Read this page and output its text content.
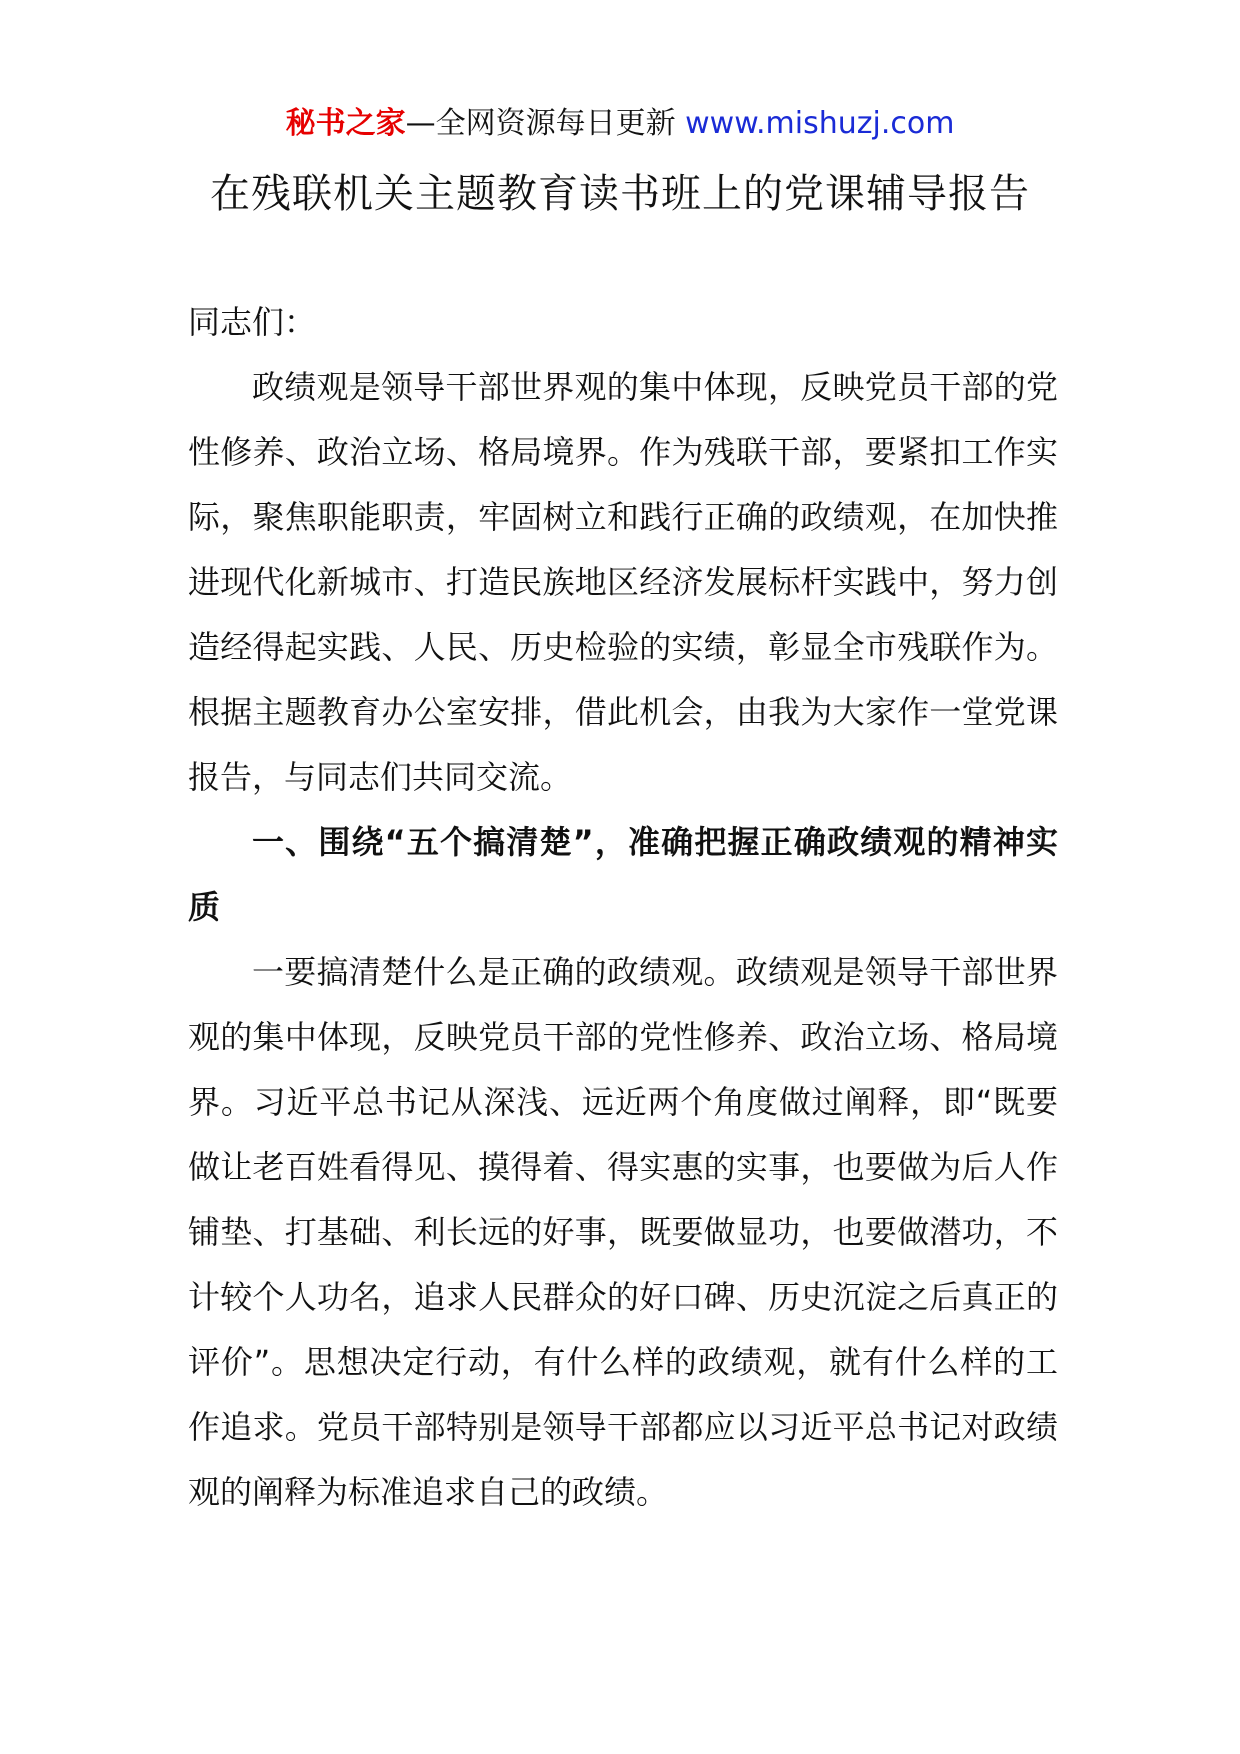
秘书之家—全网资源每日更新 www.mishuzj.com
在残联机关主题教育读书班上的党课辅导报告

同志们：

政绩观是领导干部世界观的集中体现，反映党员干部的党性修养、政治立场、格局境界。作为残联干部，要紧扣工作实际，聚焦职能职责，牢固树立和践行正确的政绩观，在加快推进现代化新城市、打造民族地区经济发展标杆实践中，努力创造经得起实践、人民、历史检验的实绩，彰显全市残联作为。根据主题教育办公室安排，借此机会，由我为大家作一堂党课报告，与同志们共同交流。

一、围绕“五个搞清楚”，准确把握正确政绩观的精神实质

一要搞清楚什么是正确的政绩观。政绩观是领导干部世界观的集中体现，反映党员干部的党性修养、政治立场、格局境界。习近平总书记从深浅、远近两个角度做过阐释，即“既要做让老百姓看得见、摸得着、得实惠的实事，也要做为后人作铺垫、打基础、利长远的好事，既要做显功，也要做潜功，不计较个人功名，追求人民群众的好口碑、历史沉淀之后真正的评价”。思想决定行动，有什么样的政绩观，就有什么样的工作追求。党员干部特别是领导干部都应以习近平总书记对政绩观的阐释为标准追求自己的政绩。
